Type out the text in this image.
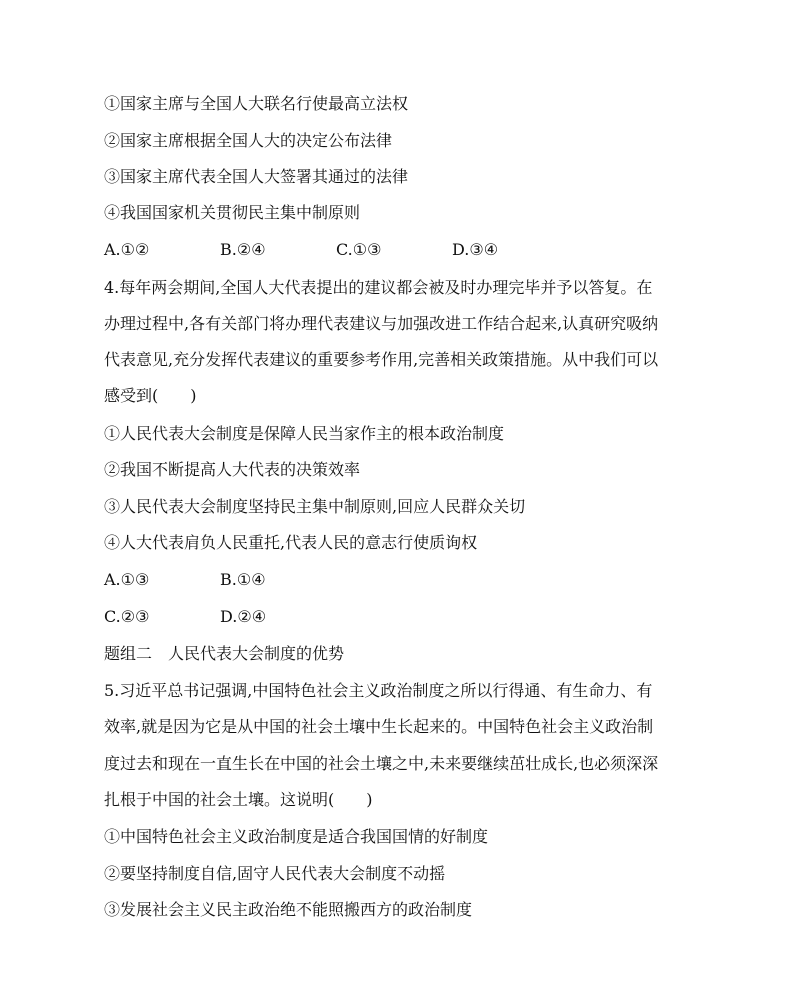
①国家主席与全国人大联名行使最高立法权
②国家主席根据全国人大的决定公布法律
③国家主席代表全国人大签署其通过的法律
④我国国家机关贯彻民主集中制原则
A.①②	B.②④	C.①③	D.③④
4.每年两会期间,全国人大代表提出的建议都会被及时办理完毕并予以答复。在
办理过程中,各有关部门将办理代表建议与加强改进工作结合起来,认真研究吸纳
代表意见,充分发挥代表建议的重要参考作用,完善相关政策措施。从中我们可以
感受到(　　)
①人民代表大会制度是保障人民当家作主的根本政治制度
②我国不断提高人大代表的决策效率
③人民代表大会制度坚持民主集中制原则,回应人民群众关切
④人大代表肩负人民重托,代表人民的意志行使质询权
A.①③	B.①④
C.②③	D.②④
题组二　人民代表大会制度的优势
5.习近平总书记强调,中国特色社会主义政治制度之所以行得通、有生命力、有
效率,就是因为它是从中国的社会土壤中生长起来的。中国特色社会主义政治制
度过去和现在一直生长在中国的社会土壤之中,未来要继续茁壮成长,也必须深深
扎根于中国的社会土壤。这说明(　　)
①中国特色社会主义政治制度是适合我国国情的好制度
②要坚持制度自信,固守人民代表大会制度不动摇
③发展社会主义民主政治绝不能照搬西方的政治制度
